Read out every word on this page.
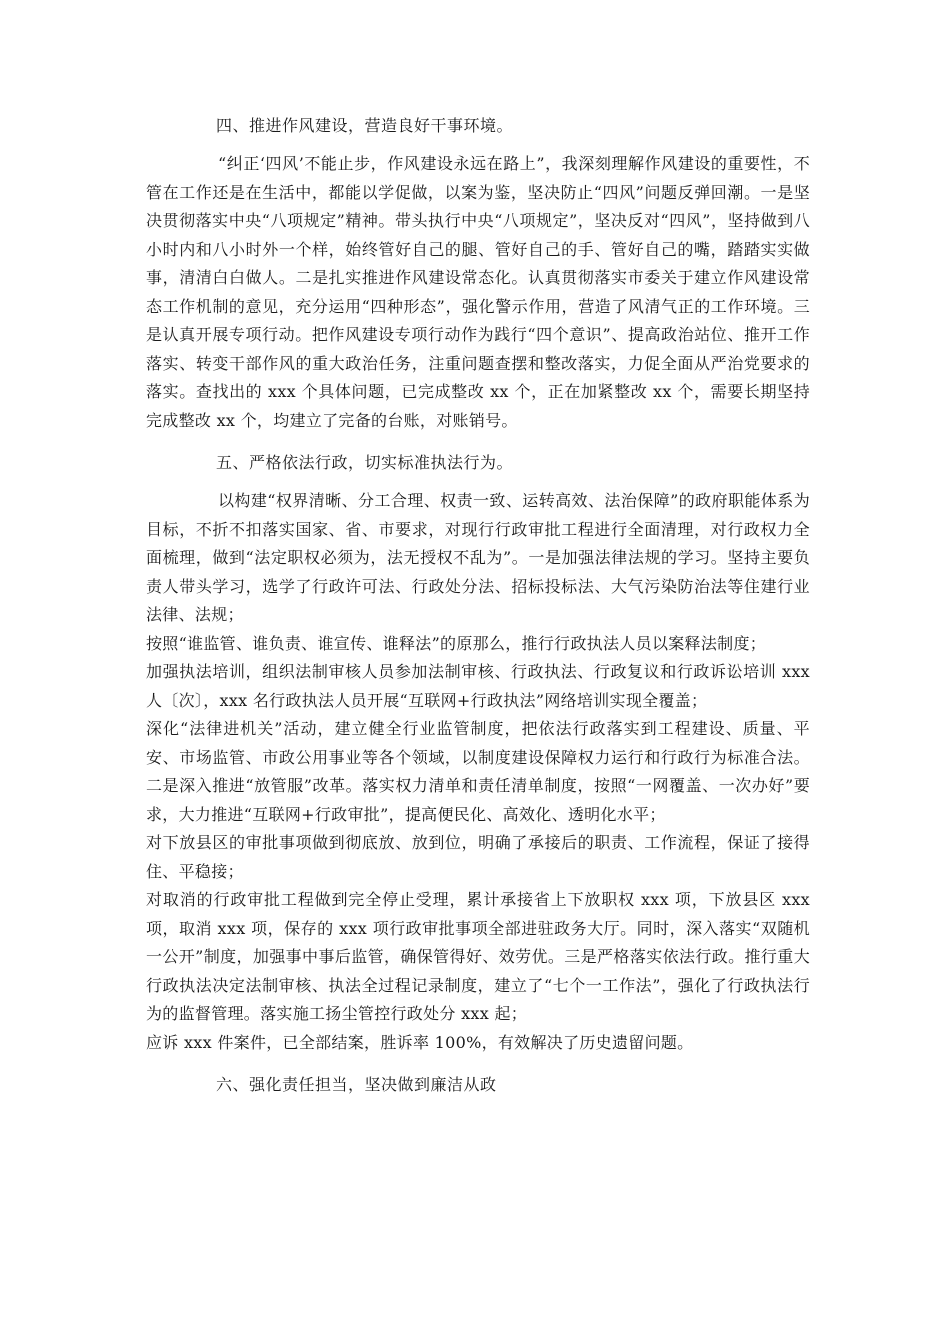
四、推进作风建设，营造良好干事环境。

“纠正‘四风’不能止步，作风建设永远在路上”，我深刻理解作风建设的重要性，不管在工作还是在生活中，都能以学促做，以案为鉴，坚决防止“四风”问题反弹回潮。一是坚决贯彻落实中央“八项规定”精神。带头执行中央“八项规定”，坚决反对“四风”，坚持做到八小时内和八小时外一个样，始终管好自己的腿、管好自己的手、管好自己的嘴，踏踏实实做事，清清白白做人。二是扎实推进作风建设常态化。认真贯彻落实市委关于建立作风建设常态工作机制的意见，充分运用“四种形态”，强化警示作用，营造了风清气正的工作环境。三是认真开展专项行动。把作风建设专项行动作为践行“四个意识”、提高政治站位、推开工作落实、转变干部作风的重大政治任务，注重问题查摆和整改落实，力促全面从严治党要求的落实。查找出的 xxx 个具体问题，已完成整改 xx 个，正在加紧整改 xx 个，需要长期坚持完成整改 xx 个，均建立了完备的台账，对账销号。

五、严格依法行政，切实标准执法行为。

以构建“权界清晰、分工合理、权责一致、运转高效、法治保障”的政府职能体系为目标，不折不扣落实国家、省、市要求，对现行行政审批工程进行全面清理，对行政权力全面梳理，做到“法定职权必须为，法无授权不乱为”。一是加强法律法规的学习。坚持主要负责人带头学习，选学了行政许可法、行政处分法、招标投标法、大气污染防治法等住建行业法律、法规；

按照“谁监管、谁负责、谁宣传、谁释法”的原那么，推行行政执法人员以案释法制度；

加强执法培训，组织法制审核人员参加法制审核、行政执法、行政复议和行政诉讼培训 xxx 人〔次〕，xxx 名行政执法人员开展“互联网+行政执法”网络培训实现全覆盖；

深化“法律进机关”活动，建立健全行业监管制度，把依法行政落实到工程建设、质量、平安、市场监管、市政公用事业等各个领域，以制度建设保障权力运行和行政行为标准合法。二是深入推进“放管服”改革。落实权力清单和责任清单制度，按照“一网覆盖、一次办好”要求，大力推进“互联网+行政审批”，提高便民化、高效化、透明化水平；

对下放县区的审批事项做到彻底放、放到位，明确了承接后的职责、工作流程，保证了接得住、平稳接；

对取消的行政审批工程做到完全停止受理，累计承接省上下放职权 xxx 项，下放县区 xxx 项，取消 xxx 项，保存的 xxx 项行政审批事项全部进驻政务大厅。同时，深入落实“双随机一公开”制度，加强事中事后监管，确保管得好、效劳优。三是严格落实依法行政。推行重大行政执法决定法制审核、执法全过程记录制度，建立了“七个一工作法”，强化了行政执法行为的监督管理。落实施工扬尘管控行政处分 xxx 起；

应诉 xxx 件案件，已全部结案，胜诉率 100%，有效解决了历史遗留问题。

六、强化责任担当，坚决做到廉洁从政
